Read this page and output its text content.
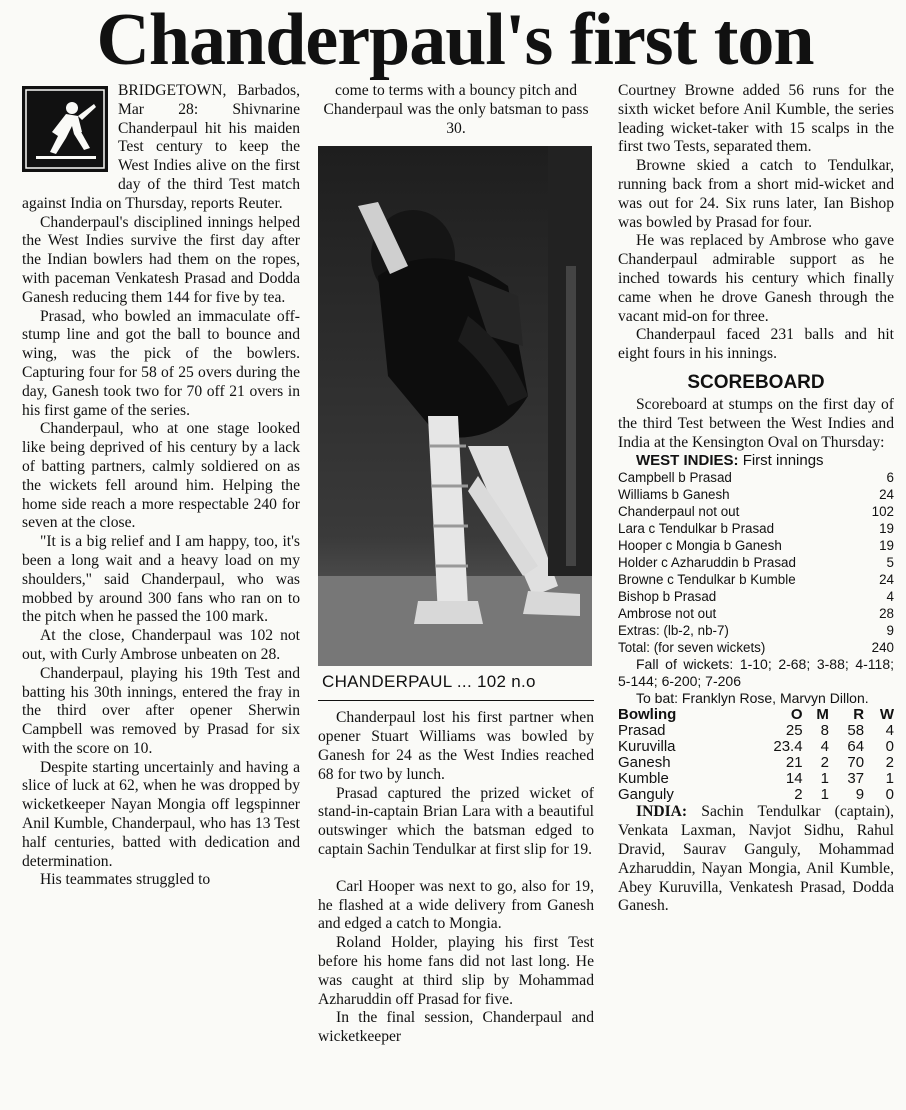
Chanderpaul's first ton

BRIDGETOWN, Barbados, Mar 28: Shivnarine Chanderpaul hit his maiden Test century to keep the West Indies alive on the first day of the third Test match against India on Thursday, reports Reuter.

Chanderpaul's disciplined innings helped the West Indies survive the first day after the Indian bowlers had them on the ropes, with paceman Venkatesh Prasad and Dodda Ganesh reducing them 144 for five by tea.

Prasad, who bowled an immaculate off-stump line and got the ball to bounce and wing, was the pick of the bowlers. Capturing four for 58 of 25 overs during the day, Ganesh took two for 70 off 21 overs in his first game of the series.

Chanderpaul, who at one stage looked like being deprived of his century by a lack of batting partners, calmly soldiered on as the wickets fell around him. Helping the home side reach a more respectable 240 for seven at the close.

"It is a big relief and I am happy, too, it's been a long wait and a heavy load on my shoulders," said Chanderpaul, who was mobbed by around 300 fans who ran on to the pitch when he passed the 100 mark.

At the close, Chanderpaul was 102 not out, with Curly Ambrose unbeaten on 28.

Chanderpaul, playing his 19th Test and batting his 30th innings, entered the fray in the third over after opener Sherwin Campbell was removed by Prasad for six with the score on 10.

Despite starting uncertainly and having a slice of luck at 62, when he was dropped by wicketkeeper Nayan Mongia off legspinner Anil Kumble, Chanderpaul, who has 13 Test half centuries, batted with dedication and determination.

His teammates struggled to

come to terms with a bouncy pitch and Chanderpaul was the only batsman to pass 30.

CHANDERPAUL ... 102 n.o

Chanderpaul lost his first partner when opener Stuart Williams was bowled by Ganesh for 24 as the West Indies reached 68 for two by lunch.

Prasad captured the prized wicket of stand-in-captain Brian Lara with a beautiful outswinger which the batsman edged to captain Sachin Tendulkar at first slip for 19.

Carl Hooper was next to go, also for 19, he flashed at a wide delivery from Ganesh and edged a catch to Mongia.

Roland Holder, playing his first Test before his home fans did not last long. He was caught at third slip by Mohammad Azharuddin off Prasad for five.

In the final session, Chanderpaul and wicketkeeper

Courtney Browne added 56 runs for the sixth wicket before Anil Kumble, the series leading wicket-taker with 15 scalps in the first two Tests, separated them.

Browne skied a catch to Tendulkar, running back from a short mid-wicket and was out for 24. Six runs later, Ian Bishop was bowled by Prasad for four.

He was replaced by Ambrose who gave Chanderpaul admirable support as he inched towards his century which finally came when he drove Ganesh through the vacant mid-on for three.

Chanderpaul faced 231 balls and hit eight fours in his innings.

SCOREBOARD

Scoreboard at stumps on the first day of the third Test between the West Indies and India at the Kensington Oval on Thursday:

WEST INDIES: First innings
Campbell b Prasad	6
Williams b Ganesh	24
Chanderpaul not out	102
Lara c Tendulkar b Prasad	19
Hooper c Mongia b Ganesh	19
Holder c Azharuddin b Prasad	5
Browne c Tendulkar b Kumble	24
Bishop b Prasad	4
Ambrose not out	28
Extras: (lb-2, nb-7)	9
Total: (for seven wickets)	240

Fall of wickets: 1-10; 2-68; 3-88; 4-118; 5-144; 6-200; 7-206

To bat: Franklyn Rose, Marvyn Dillon.

Bowling	O	M	R	W
Prasad	25	8	58	4
Kuruvilla	23.4	4	64	0
Ganesh	21	2	70	2
Kumble	14	1	37	1
Ganguly	2	1	9	0

INDIA: Sachin Tendulkar (captain), Venkata Laxman, Navjot Sidhu, Rahul Dravid, Saurav Ganguly, Mohammad Azharuddin, Nayan Mongia, Anil Kumble, Abey Kuruvilla, Venkatesh Prasad, Dodda Ganesh.
